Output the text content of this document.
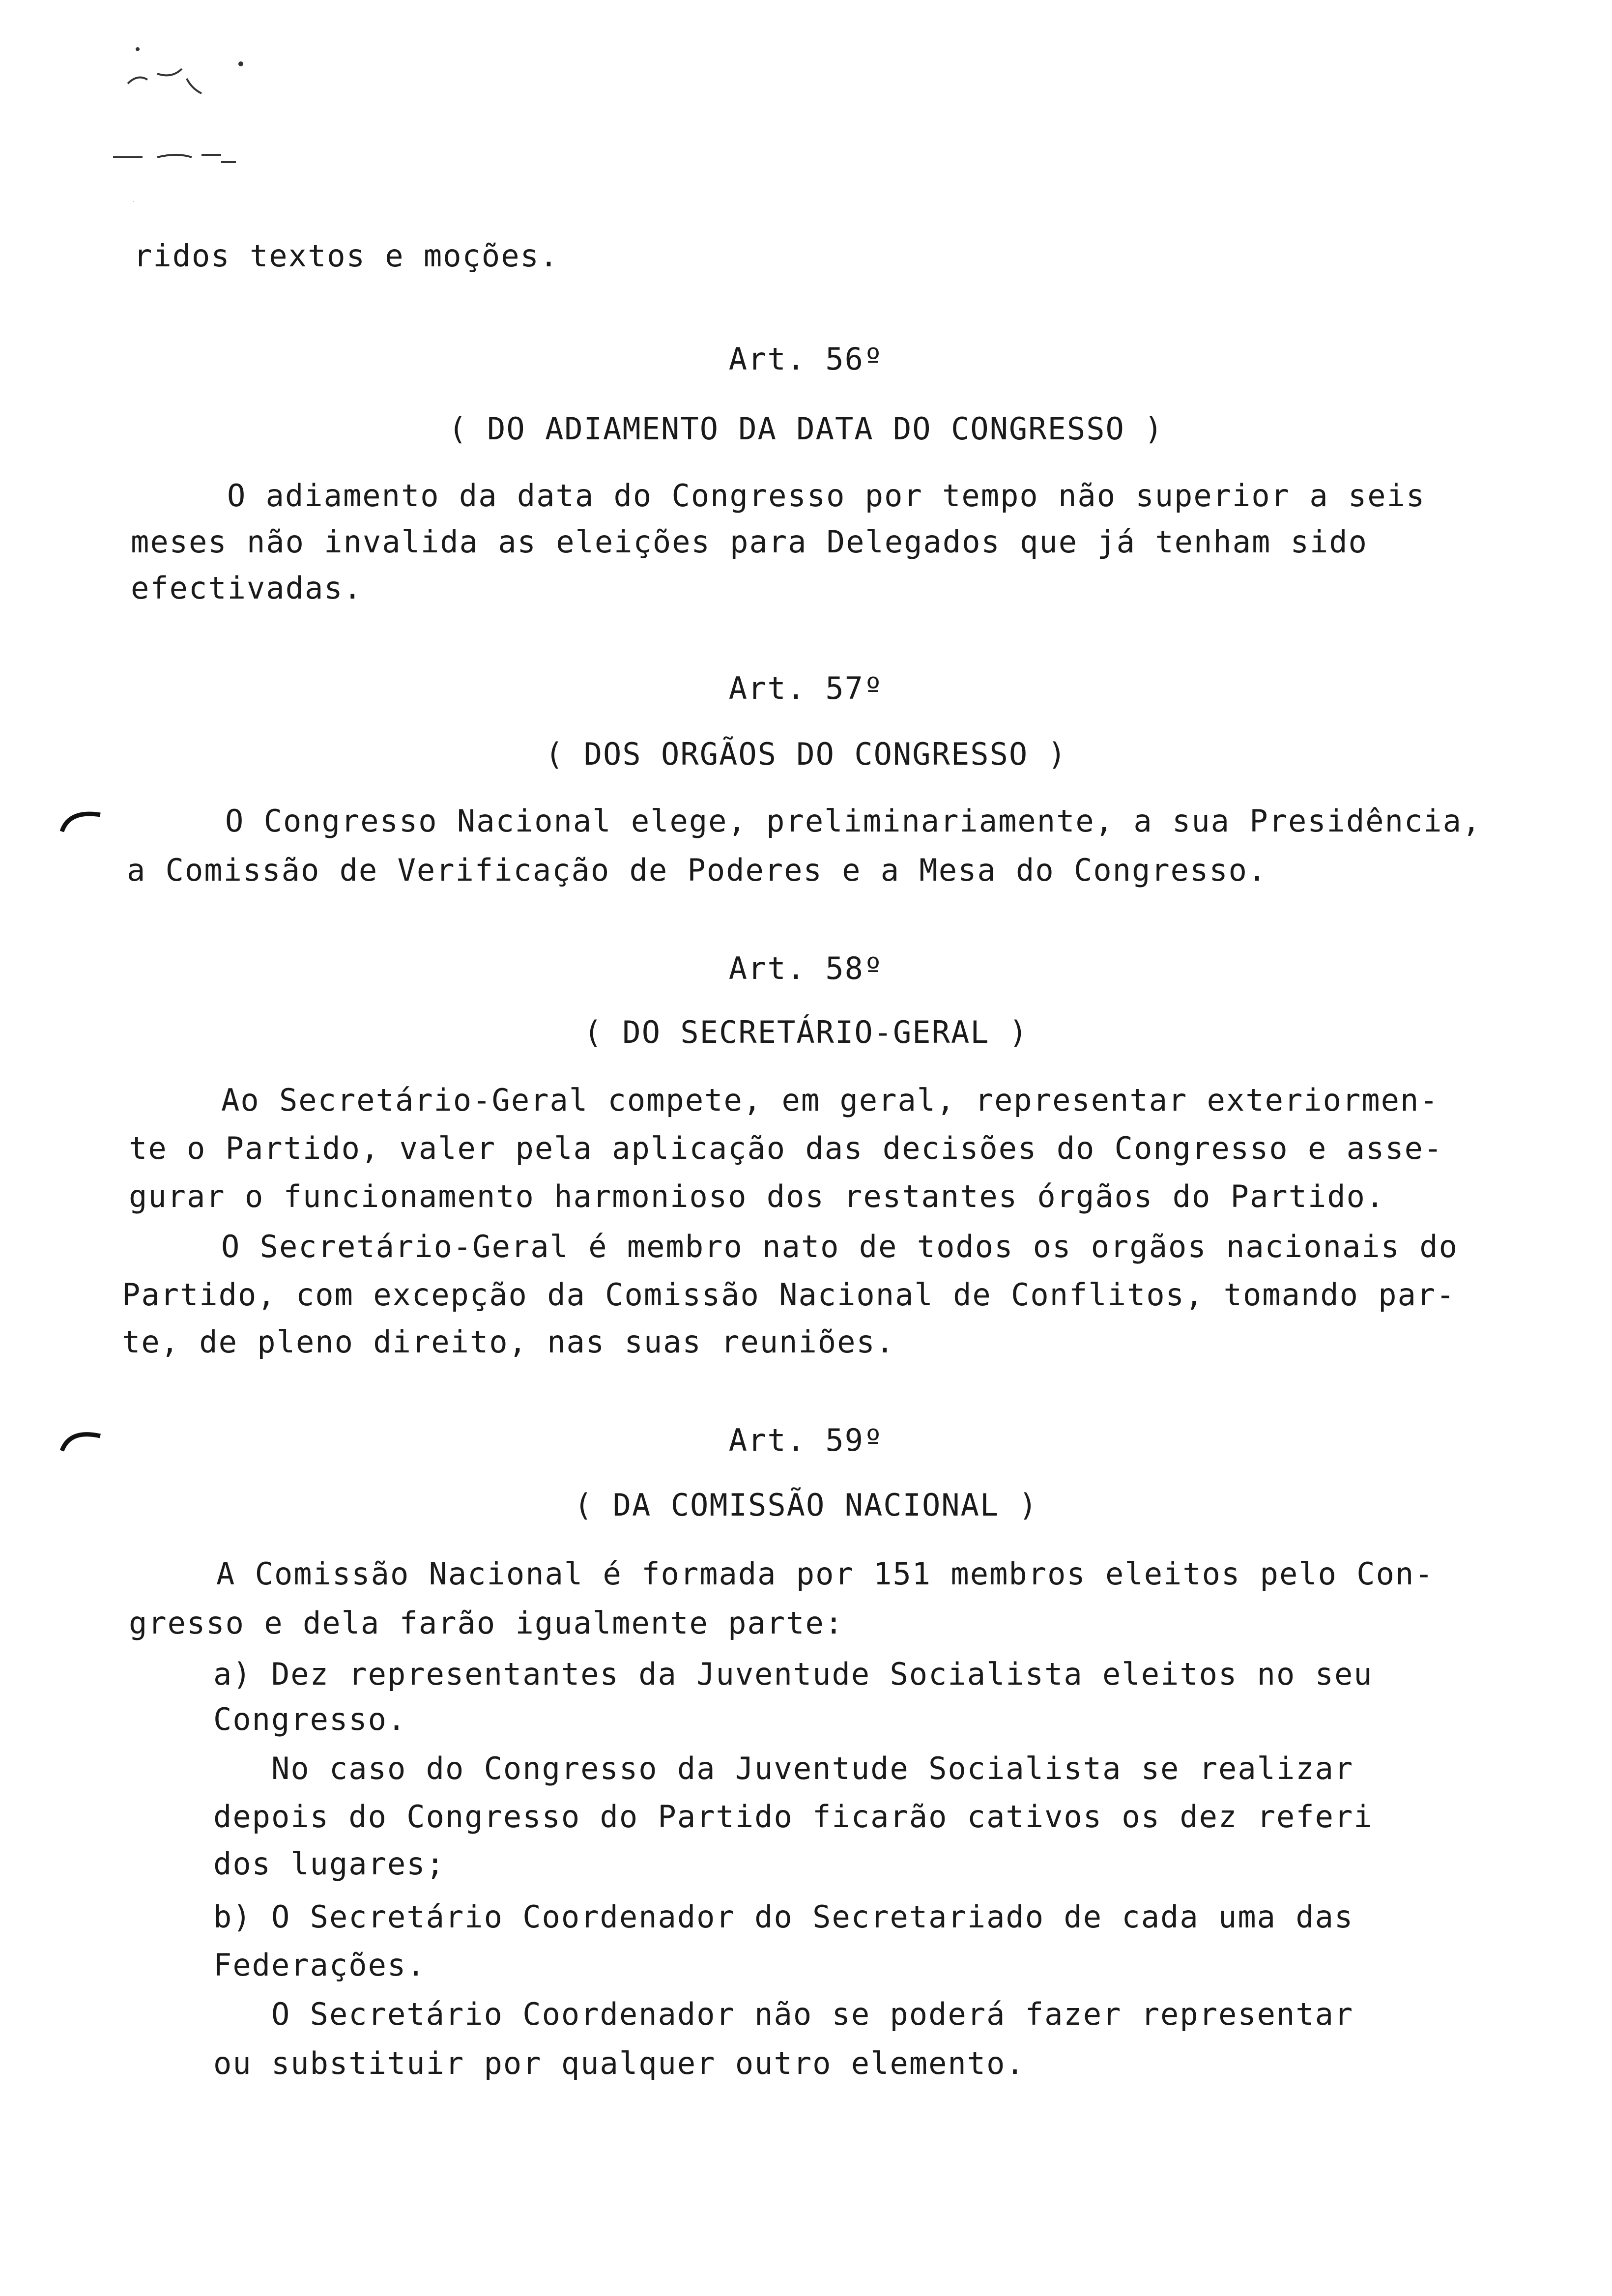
ridos textos e moções.
Art. 56º
( DO ADIAMENTO DA DATA DO CONGRESSO )
O adiamento da data do Congresso por tempo não superior a seis
meses não invalida as eleições para Delegados que já tenham sido
efectivadas.
Art. 57º
( DOS ORGÃOS DO CONGRESSO )
O Congresso Nacional elege, preliminariamente, a sua Presidência,
a Comissão de Verificação de Poderes e a Mesa do Congresso.
Art. 58º
( DO SECRETÁRIO-GERAL )
Ao Secretário-Geral compete, em geral, representar exteriormen-
te o Partido, valer pela aplicação das decisões do Congresso e asse-
gurar o funcionamento harmonioso dos restantes órgãos do Partido.
O Secretário-Geral é membro nato de todos os orgãos nacionais do
Partido, com excepção da Comissão Nacional de Conflitos, tomando par-
te, de pleno direito, nas suas reuniões.
Art. 59º
( DA COMISSÃO NACIONAL )
A Comissão Nacional é formada por 151 membros eleitos pelo Con-
gresso e dela farão igualmente parte:
a) Dez representantes da Juventude Socialista eleitos no seu
Congresso.
No caso do Congresso da Juventude Socialista se realizar
depois do Congresso do Partido ficarão cativos os dez referi
dos lugares;
b) O Secretário Coordenador do Secretariado de cada uma das
Federações.
O Secretário Coordenador não se poderá fazer representar
ou substituir por qualquer outro elemento.
